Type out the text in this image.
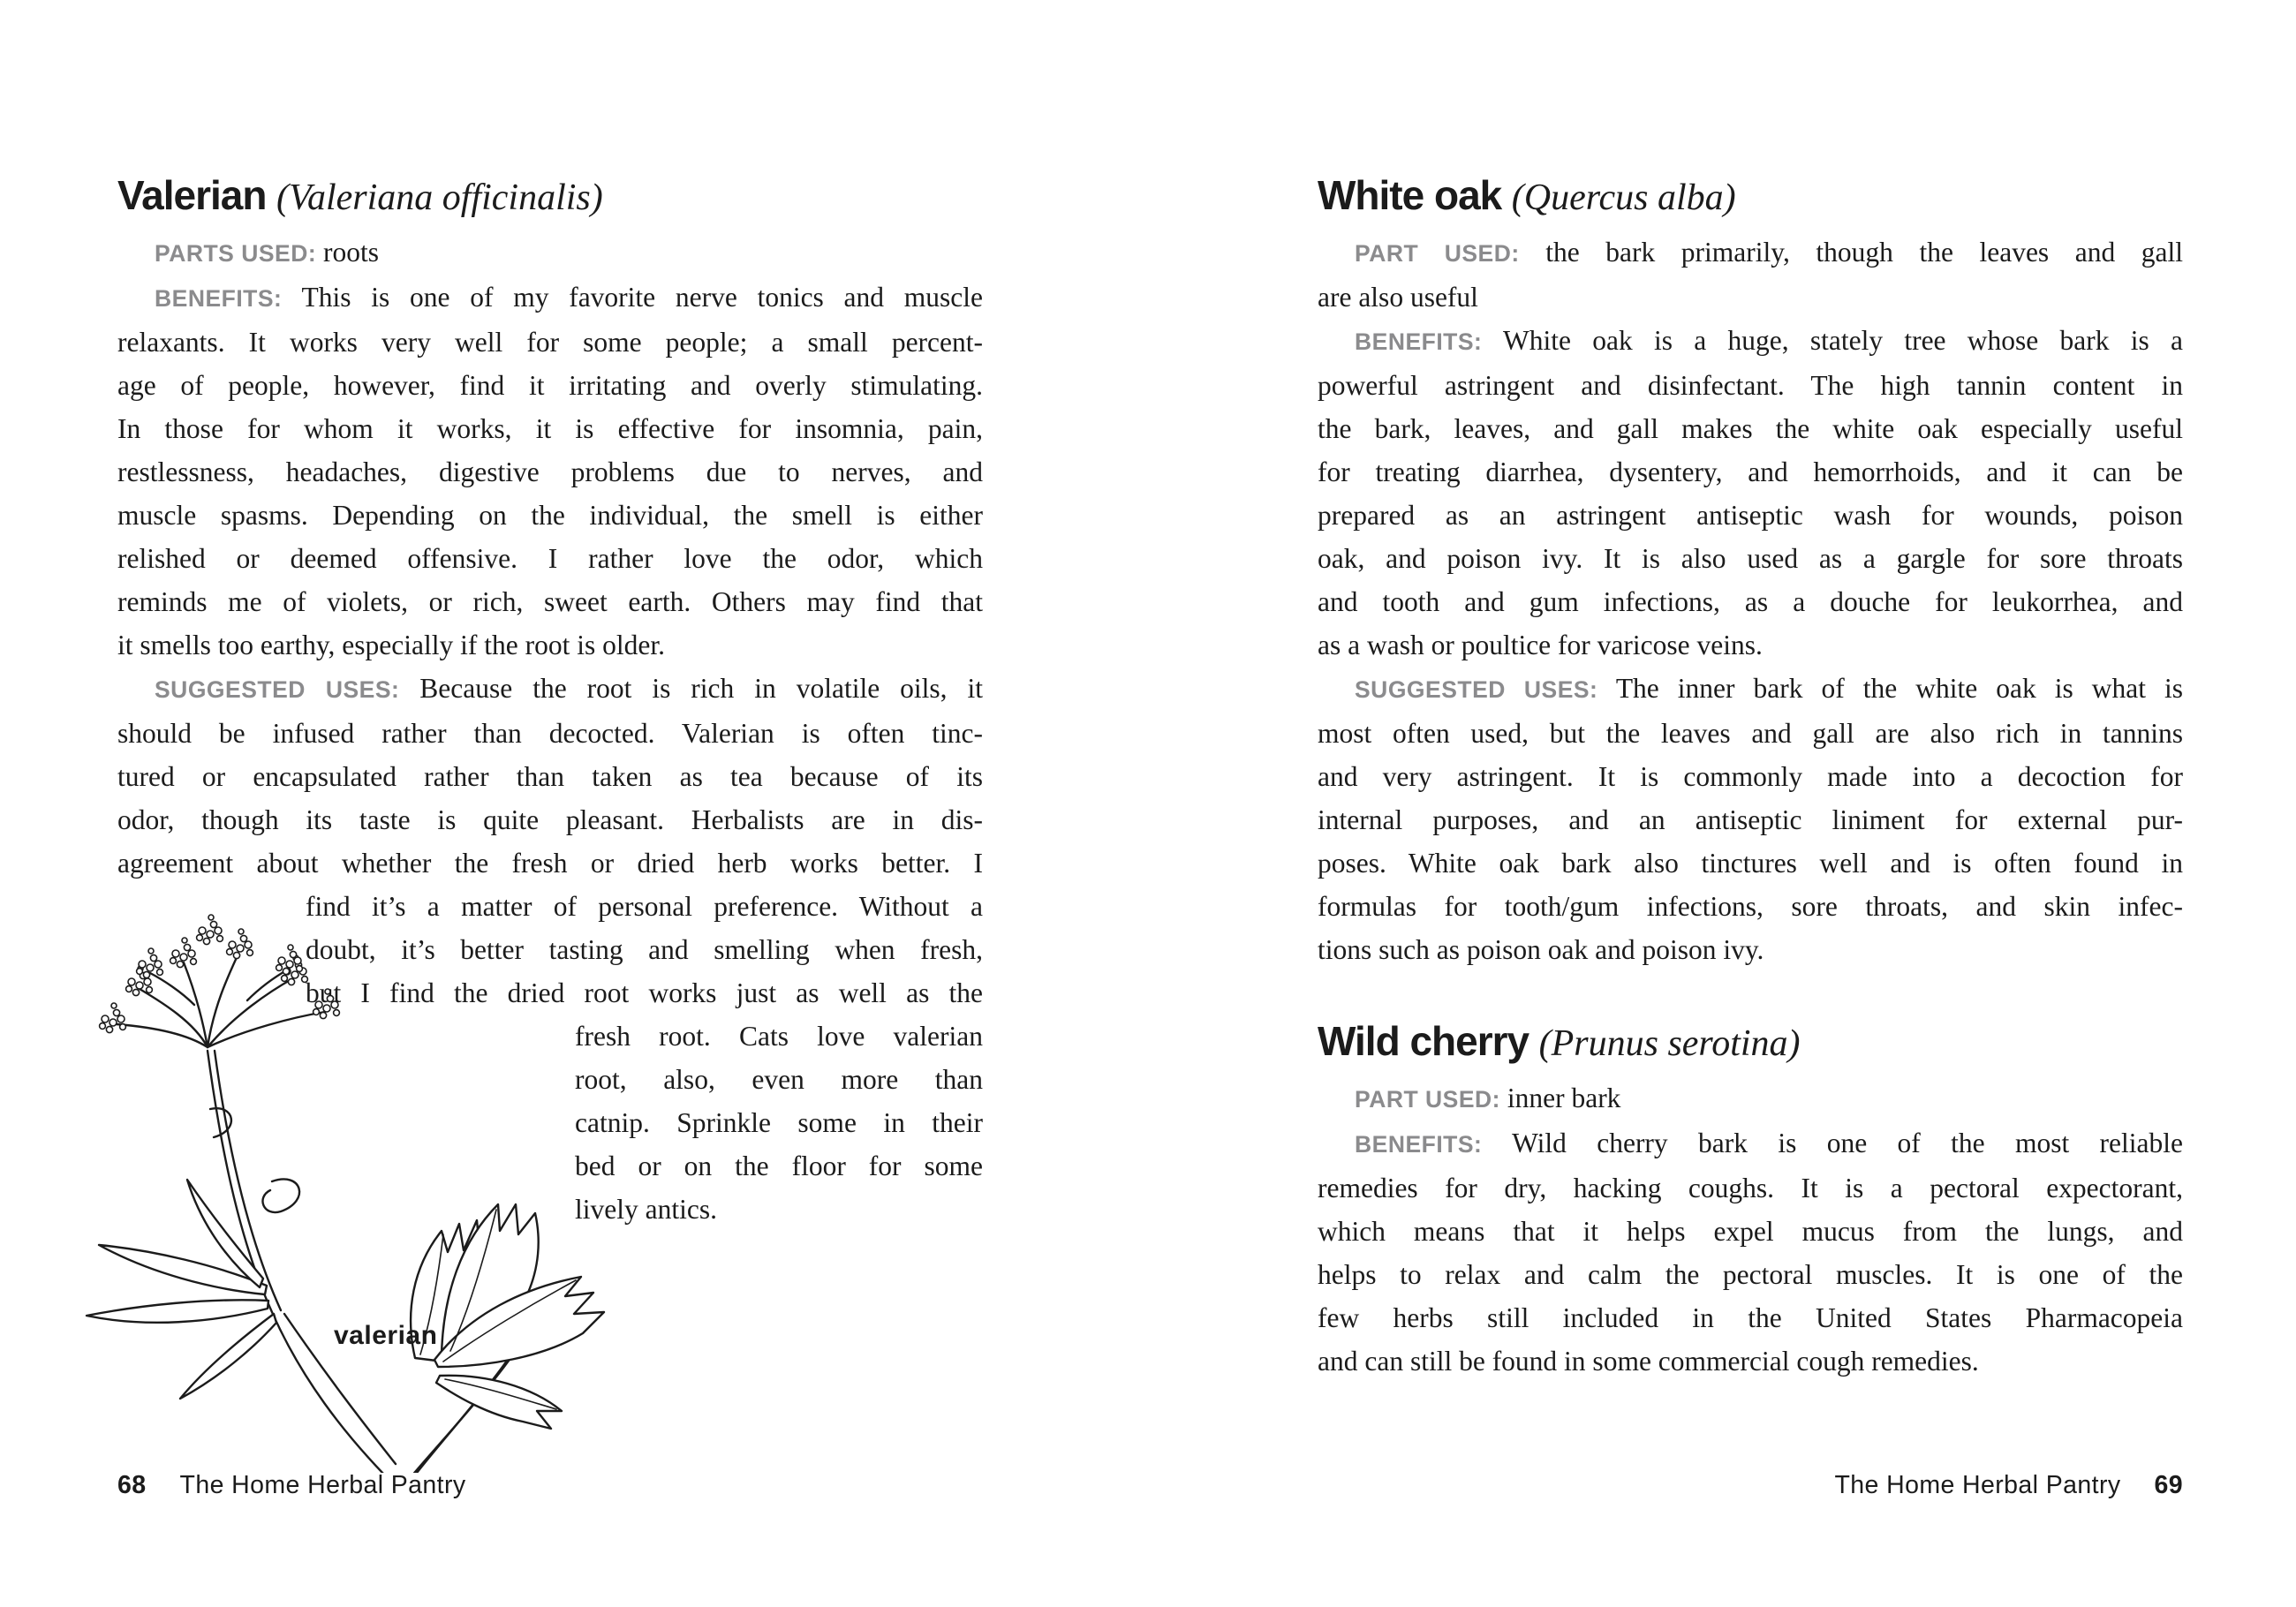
Valerian (Valeriana officinalis)
PARTS USED: roots
BENEFITS: This is one of my favorite nerve tonics and muscle
relaxants. It works very well for some people; a small percent-
age of people, however, find it irritating and overly stimulating.
In those for whom it works, it is effective for insomnia, pain,
restlessness, headaches, digestive problems due to nerves, and
muscle spasms. Depending on the individual, the smell is either
relished or deemed offensive. I rather love the odor, which
reminds me of violets, or rich, sweet earth. Others may find that
it smells too earthy, especially if the root is older.
SUGGESTED USES: Because the root is rich in volatile oils, it
should be infused rather than decocted. Valerian is often tinc-
tured or encapsulated rather than taken as tea because of its
odor, though its taste is quite pleasant. Herbalists are in dis-
agreement about whether the fresh or dried herb works better. I
find it’s a matter of personal preference. Without a
doubt, it’s better tasting and smelling when fresh,
but I find the dried root works just as well as the
fresh root. Cats love valerian
root, also, even more than
catnip. Sprinkle some in their
bed or on the floor for some
lively antics.
valerian
68 The Home Herbal Pantry
White oak (Quercus alba)
PART USED: the bark primarily, though the leaves and gall
are also useful
BENEFITS: White oak is a huge, stately tree whose bark is a
powerful astringent and disinfectant. The high tannin content in
the bark, leaves, and gall makes the white oak especially useful
for treating diarrhea, dysentery, and hemorrhoids, and it can be
prepared as an astringent antiseptic wash for wounds, poison
oak, and poison ivy. It is also used as a gargle for sore throats
and tooth and gum infections, as a douche for leukorrhea, and
as a wash or poultice for varicose veins.
SUGGESTED USES: The inner bark of the white oak is what is
most often used, but the leaves and gall are also rich in tannins
and very astringent. It is commonly made into a decoction for
internal purposes, and an antiseptic liniment for external pur-
poses. White oak bark also tinctures well and is often found in
formulas for tooth/gum infections, sore throats, and skin infec-
tions such as poison oak and poison ivy.
Wild cherry (Prunus serotina)
PART USED: inner bark
BENEFITS: Wild cherry bark is one of the most reliable
remedies for dry, hacking coughs. It is a pectoral expectorant,
which means that it helps expel mucus from the lungs, and
helps to relax and calm the pectoral muscles. It is one of the
few herbs still included in the United States Pharmacopeia
and can still be found in some commercial cough remedies.
The Home Herbal Pantry 69
